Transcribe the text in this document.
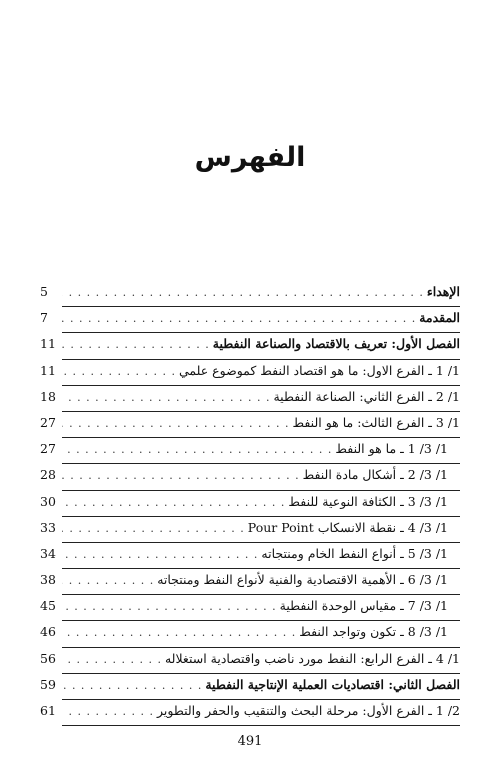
الفهرس
الإهداء
. . .
5
المقدمة
. . .
7
الفصل الأول: تعريف بالاقتصاد والصناعة النفطية
. . .
11
1/ 1 ـ الفرع الاول: ما هو اقتصاد النفط كموضوع علمي
. . .
11
1/ 2 ـ الفرع الثاني: الصناعة النفطية
. . .
18
1/ 3 ـ الفرع الثالث: ما هو النفط
. . .
27
1/ 3/ 1 ـ ما هو النفط
. . .
27
1/ 3/ 2 ـ أشكال مادة النفط
. . .
28
1/ 3/ 3 ـ الكثافة النوعية للنفط
. . .
30
1/ 3/ 4 ـ نقطة الانسكاب Pour Point
. . .
33
1/ 3/ 5 ـ أنواع النفط الخام ومنتجاته
. . .
34
1/ 3/ 6 ـ الأهمية الاقتصادية والفنية لأنواع النفط ومنتجاته
. . .
38
1/ 3/ 7 ـ مقياس الوحدة النفطية
. . .
45
1/ 3/ 8 ـ تكون وتواجد النفط
. . .
46
1/ 4 ـ الفرع الرابع: النفط مورد ناضب واقتصادية استغلاله
. . .
56
الفصل الثاني: اقتصاديات العملية الإنتاجية النفطية
. . .
59
2/ 1 ـ الفرع الأول: مرحلة البحث والتنقيب والحفر والتطوير
. . .
61
491
